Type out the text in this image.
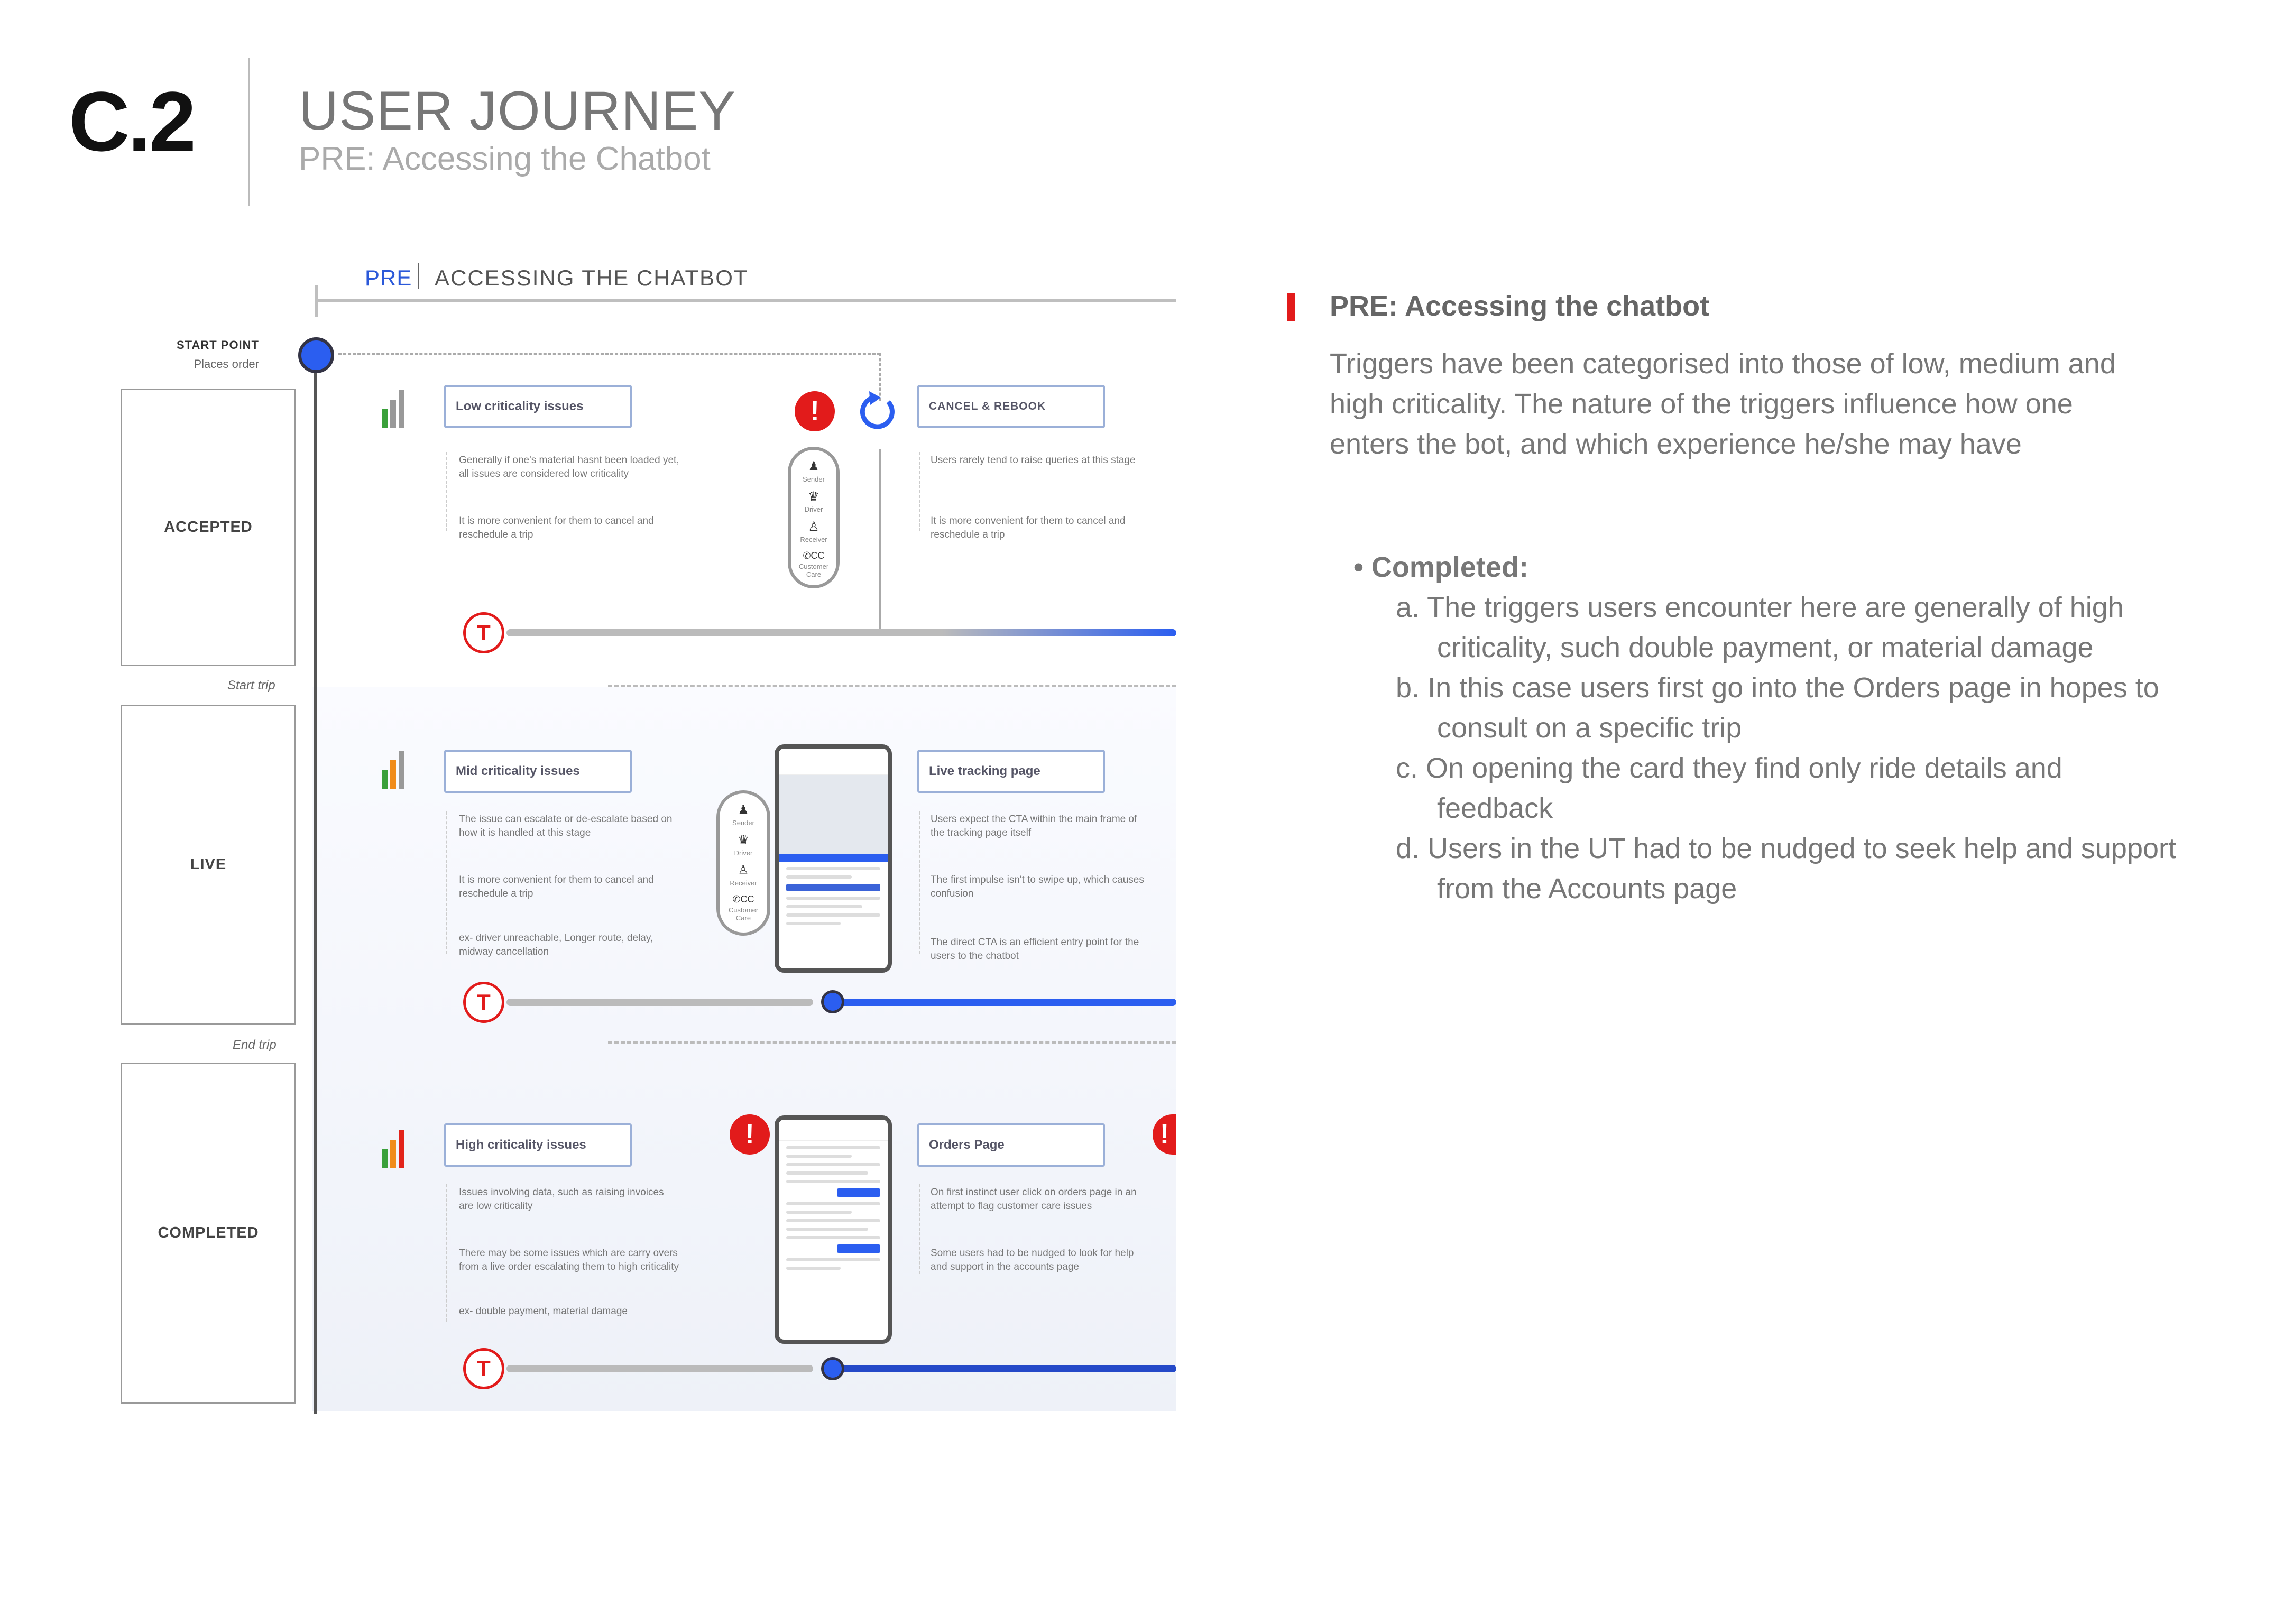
C.2 USER JOURNEY
PRE: Accessing the Chatbot
PRE ACCESSING THE CHATBOT
START POINT
Places order
ACCEPTED
Start trip
LIVE
End trip
COMPLETED
Low criticality issues
Generally if one's material hasnt been loaded yet, all issues are considered low criticality
It is more convenient for them to cancel and reschedule a trip
!
♟
Sender
♛
Driver
♙
Receiver
✆CC
Customer Care
CANCEL & REBOOK
Users rarely tend to raise queries at this stage
It is more convenient for them to cancel and reschedule a trip
T
Mid criticality issues
The issue can escalate or de-escalate based on how it is handled at this stage
It is more convenient for them to cancel and reschedule a trip
ex- driver unreachable, Longer route, delay, midway cancellation
♟
Sender
♛
Driver
♙
Receiver
✆CC
Customer Care
Live tracking page
Users expect the CTA within the main frame of the tracking page itself
The first impulse isn't to swipe up, which causes confusion
The direct CTA is an efficient entry point for the users to the chatbot
T
High criticality issues
Issues involving data, such as raising invoices are low criticality
There may be some issues which are carry overs from a live order escalating them to high criticality
ex- double payment, material damage
!	Orders Page
On first instinct user click on orders page in an attempt to flag customer care issues
Some users had to be nudged to look for help and support in the accounts page
!
T
PRE: Accessing the chatbot
Triggers have been categorised into those of low, medium and high criticality. The nature of the triggers influence how one enters the bot, and which experience he/she may have
• Completed:
a. The triggers users encounter here are generally of high criticality, such double payment, or material damage
b. In this case users first go into the Orders page in hopes to consult on a specific trip
c. On opening the card they find only ride details and feedback
d. Users in the UT had to be nudged to seek help and support from the Accounts page
